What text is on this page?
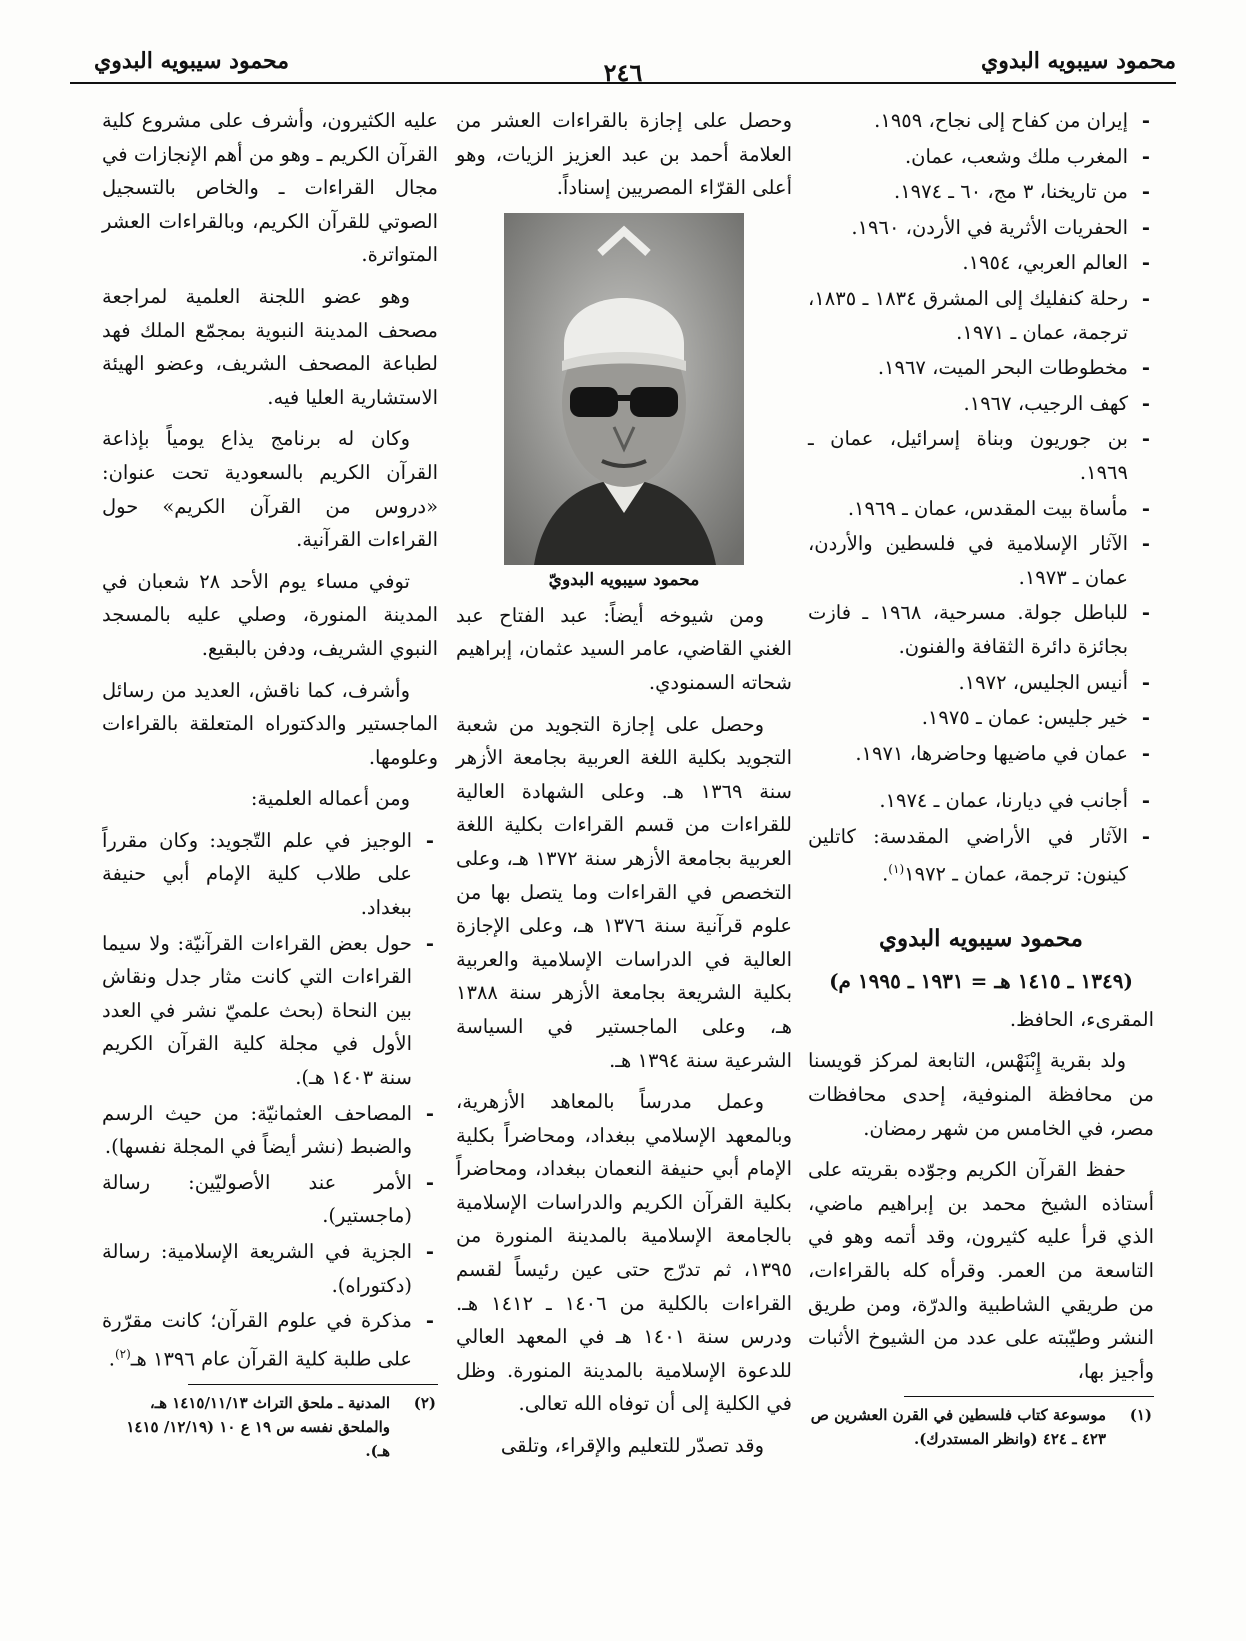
محمود سيبويه البدوي
٢٤٦
محمود سيبويه البدوي
- إيران من كفاح إلى نجاح، ١٩٥٩.
- المغرب ملك وشعب، عمان.
- من تاريخنا، ٣ مج، ٦٠ ـ ١٩٧٤.
- الحفريات الأثرية في الأردن، ١٩٦٠.
- العالم العربي، ١٩٥٤.
- رحلة كنفليك إلى المشرق ١٨٣٤ ـ ١٨٣٥، ترجمة، عمان ـ ١٩٧١.
- مخطوطات البحر الميت، ١٩٦٧.
- كهف الرجيب، ١٩٦٧.
- بن جوريون وبناة إسرائيل، عمان ـ ١٩٦٩.
- مأساة بيت المقدس، عمان ـ ١٩٦٩.
- الآثار الإسلامية في فلسطين والأردن، عمان ـ ١٩٧٣.
- للباطل جولة. مسرحية، ١٩٦٨ ـ فازت بجائزة دائرة الثقافة والفنون.
- أنيس الجليس، ١٩٧٢.
- خير جليس: عمان ـ ١٩٧٥.
- عمان في ماضيها وحاضرها، ١٩٧١.
- أجانب في ديارنا، عمان ـ ١٩٧٤.
- الآثار في الأراضي المقدسة: كاتلين كينون: ترجمة، عمان ـ ١٩٧٢$^{(١)}$.
محمود سيبويه البدوي
(١٣٤٩ ـ ١٤١٥ هـ = ١٩٣١ ـ ١٩٩٥ م)

المقرىء، الحافظ.

ولد بقرية إِبْنَهْس، التابعة لمركز قويسنا من محافظة المنوفية، إحدى محافظات مصر، في الخامس من شهر رمضان.

حفظ القرآن الكريم وجوّده بقريته على أستاذه الشيخ محمد بن إبراهيم ماضي، الذي قرأ عليه كثيرون، وقد أتمه وهو في التاسعة من العمر. وقرأه كله بالقراءات، من طريقي الشاطبية والدرّة، ومن طريق النشر وطيّبته على عدد من الشيوخ الأثبات وأجيز بها،

(١)
موسوعة كتاب فلسطين في القرن العشرين ص ٤٢٣ ـ ٤٢٤ (وانظر المستدرك).

وحصل على إجازة بالقراءات العشر من العلامة أحمد بن عبد العزيز الزيات، وهو أعلى القرّاء المصريين إسناداً.

محمود سيبويه البدويّ

ومن شيوخه أيضاً: عبد الفتاح عبد الغني القاضي، عامر السيد عثمان، إبراهيم شحاته السمنودي.

وحصل على إجازة التجويد من شعبة التجويد بكلية اللغة العربية بجامعة الأزهر سنة ١٣٦٩ هـ. وعلى الشهادة العالية للقراءات من قسم القراءات بكلية اللغة العربية بجامعة الأزهر سنة ١٣٧٢ هـ، وعلى التخصص في القراءات وما يتصل بها من علوم قرآنية سنة ١٣٧٦ هـ، وعلى الإجازة العالية في الدراسات الإسلامية والعربية بكلية الشريعة بجامعة الأزهر سنة ١٣٨٨ هـ، وعلى الماجستير في السياسة الشرعية سنة ١٣٩٤ هـ.

وعمل مدرساً بالمعاهد الأزهرية، وبالمعهد الإسلامي ببغداد، ومحاضراً بكلية الإمام أبي حنيفة النعمان ببغداد، ومحاضراً بكلية القرآن الكريم والدراسات الإسلامية بالجامعة الإسلامية بالمدينة المنورة من ١٣٩٥، ثم تدرّج حتى عين رئيساً لقسم القراءات بالكلية من ١٤٠٦ ـ ١٤١٢ هـ. ودرس سنة ١٤٠١ هـ في المعهد العالي للدعوة الإسلامية بالمدينة المنورة. وظل في الكلية إلى أن توفاه الله تعالى.

وقد تصدّر للتعليم والإقراء، وتلقى

عليه الكثيرون، وأشرف على مشروع كلية القرآن الكريم ـ وهو من أهم الإنجازات في مجال القراءات ـ والخاص بالتسجيل الصوتي للقرآن الكريم، وبالقراءات العشر المتواترة.

وهو عضو اللجنة العلمية لمراجعة مصحف المدينة النبوية بمجمّع الملك فهد لطباعة المصحف الشريف، وعضو الهيئة الاستشارية العليا فيه.

وكان له برنامج يذاع يومياً بإذاعة القرآن الكريم بالسعودية تحت عنوان: «دروس من القرآن الكريم» حول القراءات القرآنية.

توفي مساء يوم الأحد ٢٨ شعبان في المدينة المنورة، وصلي عليه بالمسجد النبوي الشريف، ودفن بالبقيع.

وأشرف، كما ناقش، العديد من رسائل الماجستير والدكتوراه المتعلقة بالقراءات وعلومها.

ومن أعماله العلمية:

- الوجيز في علم التّجويد: وكان مقرراً على طلاب كلية الإمام أبي حنيفة ببغداد.
- حول بعض القراءات القرآنيّة: ولا سيما القراءات التي كانت مثار جدل ونقاش بين النحاة (بحث علميّ نشر في العدد الأول في مجلة كلية القرآن الكريم سنة ١٤٠٣ هـ).
- المصاحف العثمانيّة: من حيث الرسم والضبط (نشر أيضاً في المجلة نفسها).
- الأمر عند الأصوليّين: رسالة (ماجستير).
- الجزية في الشريعة الإسلامية: رسالة (دكتوراه).
- مذكرة في علوم القرآن؛ كانت مقرّرة على طلبة كلية القرآن عام ١٣٩٦ هـ$^{(٢)}$.
(٢)
المدنية ـ ملحق التراث ١٤١٥/١١/١٣ هـ، والملحق نفسه س ١٩ ع ١٠ (١٢/١٩/ ١٤١٥ هـ).
